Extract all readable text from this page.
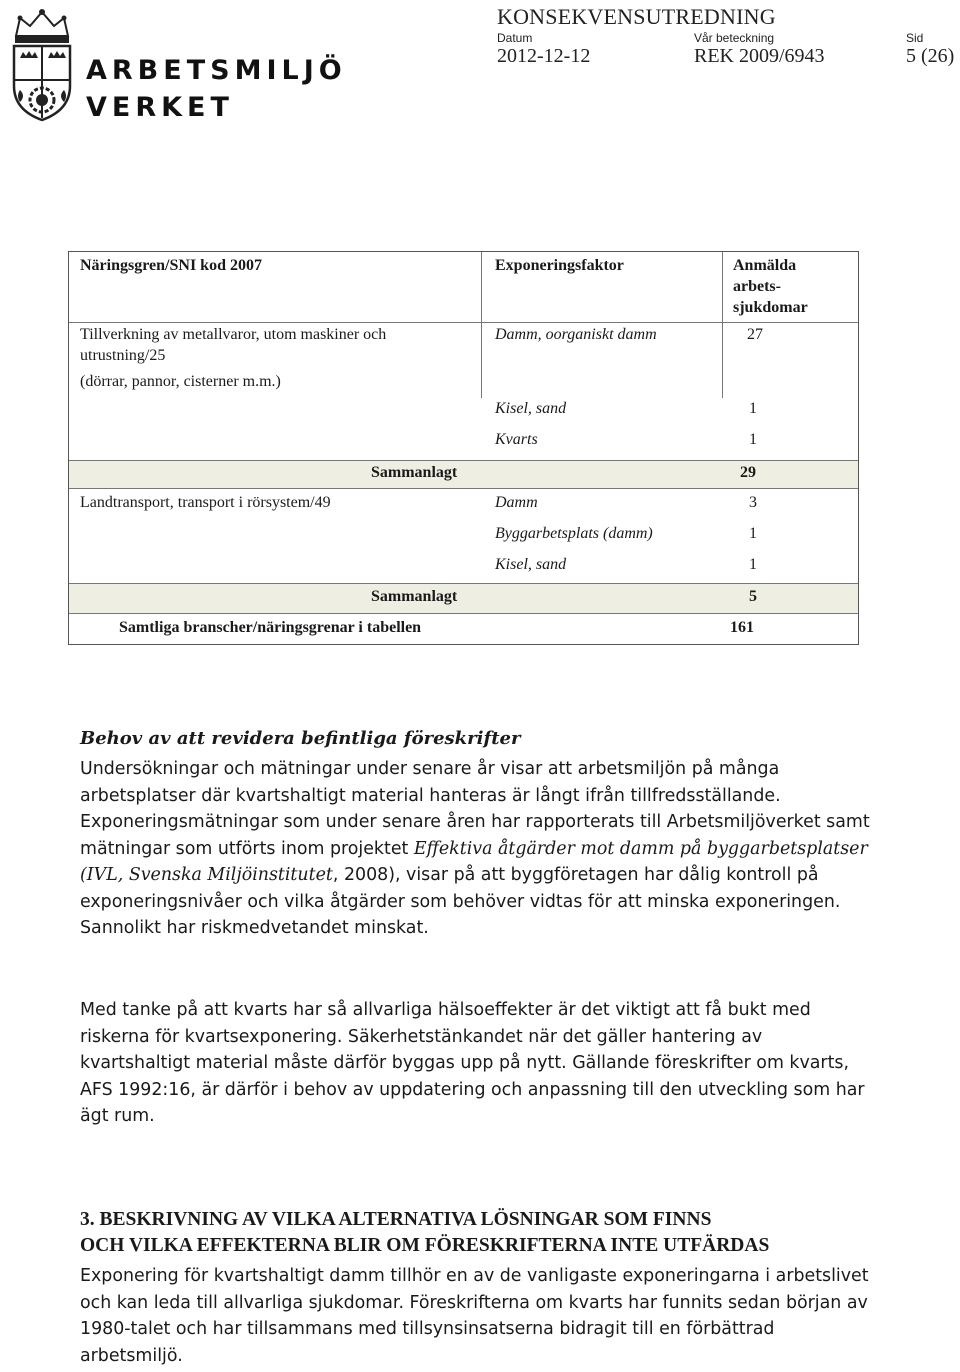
ARBETSMILJÖ
VERKET
KONSEKVENSUTREDNING
Datum
2012-12-12
Vår beteckning
REK 2009/6943
Sid
5 (26)
Näringsgren/SNI kod 2007	Exponeringsfaktor	Anmälda
arbets-
sjukdomar
Tillverkning av metallvaror, utom maskiner och
utrustning/25
(dörrar, pannor, cisterner m.m.)
Damm, oorganiskt damm	27
Kisel, sand	1
Kvarts	1
Sammanlagt	29
Landtransport, transport i rörsystem/49	Damm	3
Byggarbetsplats (damm)	1
Kisel, sand	1
Sammanlagt	5
Samtliga branscher/näringsgrenar i tabellen	161
Behov av att revidera befintliga föreskrifter
Undersökningar och mätningar under senare år visar att arbetsmiljön på många arbetsplatser där kvartshaltigt material hanteras är långt ifrån tillfredsställande. Exponeringsmätningar som under senare åren har rapporterats till Arbetsmiljöverket samt mätningar som utförts inom projektet Effektiva åtgärder mot damm på byggarbetsplatser (IVL, Svenska Miljöinstitutet, 2008), visar på att byggföretagen har dålig kontroll på exponeringsnivåer och vilka åtgärder som behöver vidtas för att minska exponeringen. Sannolikt har riskmedvetandet minskat.
Med tanke på att kvarts har så allvarliga hälsoeffekter är det viktigt att få bukt med riskerna för kvartsexponering. Säkerhetstänkandet när det gäller hantering av kvartshaltigt material måste därför byggas upp på nytt. Gällande föreskrifter om kvarts, AFS 1992:16, är därför i behov av uppdatering och anpassning till den utveckling som har ägt rum.
3. BESKRIVNING AV VILKA ALTERNATIVA LÖSNINGAR SOM FINNS
OCH VILKA EFFEKTERNA BLIR OM FÖRESKRIFTERNA INTE UTFÄRDAS
Exponering för kvartshaltigt damm tillhör en av de vanligaste exponeringarna i arbetslivet och kan leda till allvarliga sjukdomar. Föreskrifterna om kvarts har funnits sedan början av 1980-talet och har tillsammans med tillsynsinsatserna bidragit till en förbättrad arbetsmiljö.
